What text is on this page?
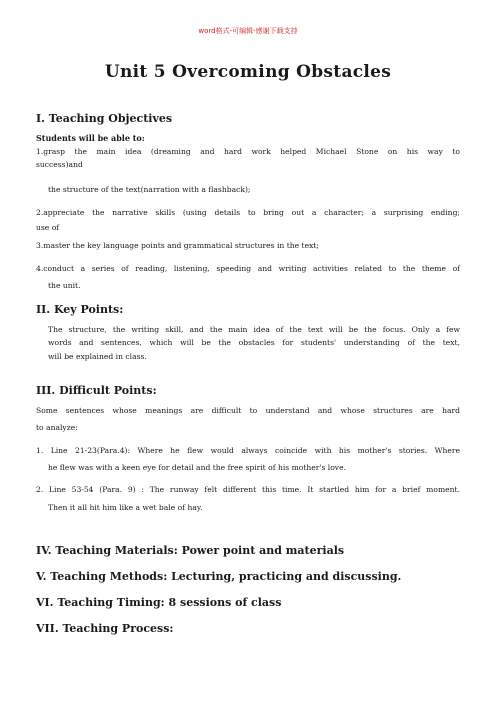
word格式-可编辑-感谢下载支持
Unit 5 Overcoming Obstacles
I. Teaching Objectives
Students will be able to:
1.grasp the main idea (dreaming and hard work helped Michael Stone on his way to
success)and
the structure of the text(narration with a flashback);
2.appreciate the narrative skills (using details to bring out a character; a surprising ending;
use of
3.master the key language points and grammatical structures in the text;
4.conduct a series of reading, listening, speeding and writing activities related to the theme of
the unit.
II. Key Points:
The structure, the writing skill, and the main idea of the text will be the focus. Only a few
words and sentences, which will be the obstacles for students' understanding of the text,
will be explained in class.
III. Difficult Points:
Some sentences whose meanings are difficult to understand and whose structures are hard
to analyze:
1. Line 21-23(Para.4): Where he flew would always coincide with his mother's stories. Where
he flew was with a keen eye for detail and the free spirit of his mother's love.
2. Line 53-54 (Para. 9) : The runway felt different this time. It startled him for a brief moment.
Then it all hit him like a wet bale of hay.
IV. Teaching Materials: Power point and materials
V. Teaching Methods: Lecturing, practicing and discussing.
VI. Teaching Timing: 8 sessions of class
VII. Teaching Process:
